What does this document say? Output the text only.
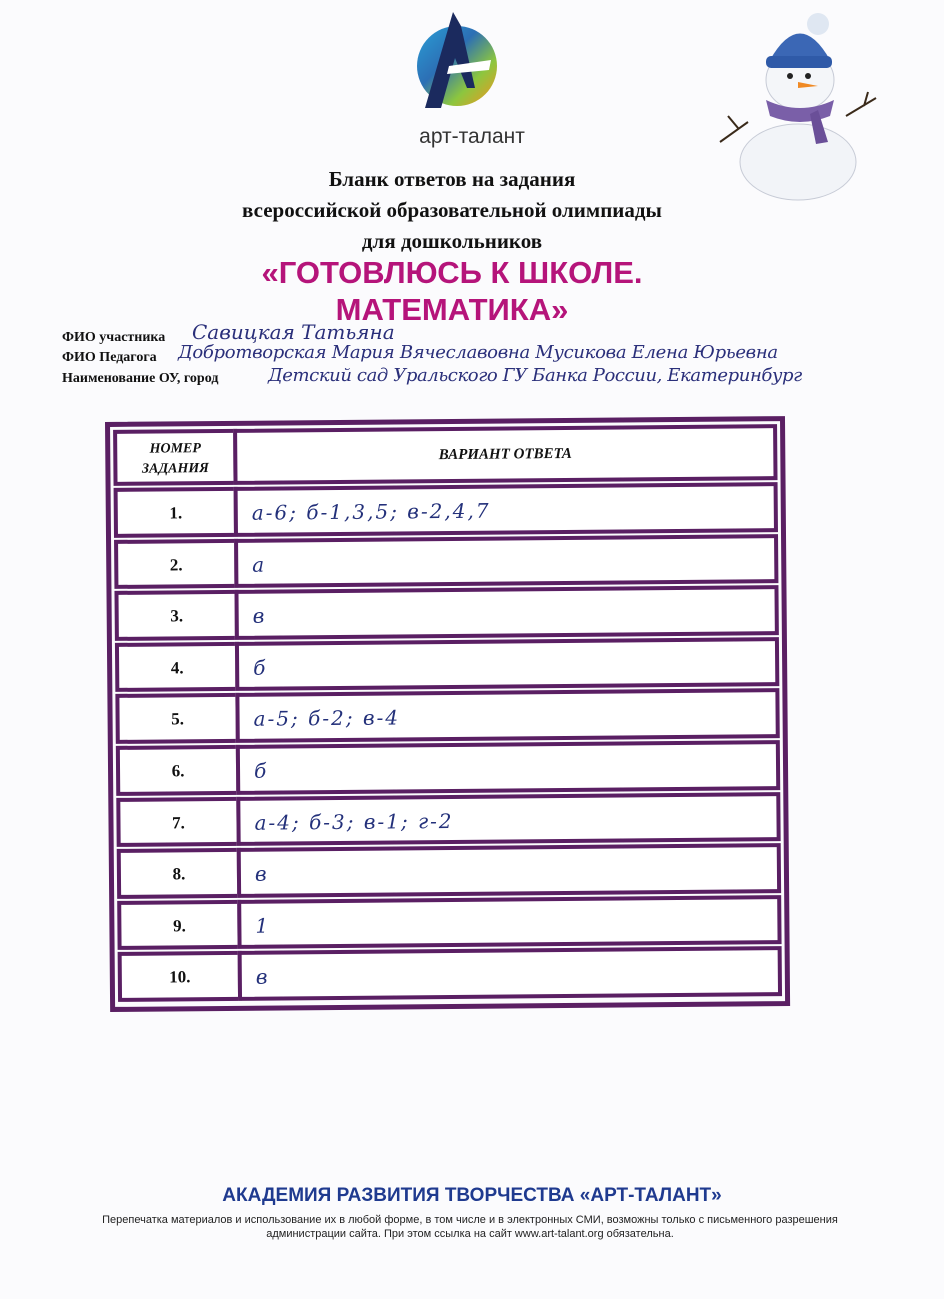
арт-талант
Бланк ответов на задания
всероссийской образовательной олимпиады
для дошкольников
«ГОТОВЛЮСЬ К ШКОЛЕ.
МАТЕМАТИКА»
ФИО участника Савицкая Татьяна
ФИО Педагога Добротворская Мария Вячеславовна Мусикова Елена Юрьевна
Наименование ОУ, город	Детский сад Уральского ГУ Банка России, Екатеринбург
НОМЕР
ЗАДАНИЯ
ВАРИАНТ ОТВЕТА
1.	а-6; б-1,3,5; в-2,4,7
2.	а
3.	в
4.	б
5.	а-5; б-2; в-4
6.	б
7.	а-4; б-3; в-1; г-2
8.	в
9.	1
10.	в
АКАДЕМИЯ РАЗВИТИЯ ТВОРЧЕСТВА «АРТ-ТАЛАНТ»
Перепечатка материалов и использование их в любой форме, в том числе и в электронных СМИ, возможны только с письменного разрешения администрации сайта. При этом ссылка на сайт www.art-talant.org обязательна.
